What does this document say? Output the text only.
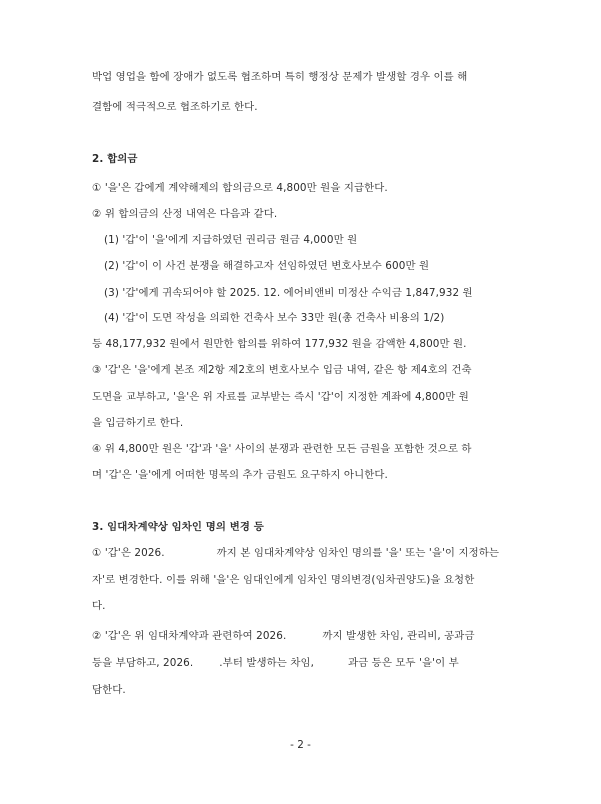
박업 영업을 함에 장애가 없도록 협조하며 특히 행정상 문제가 발생할 경우 이를 해
결함에 적극적으로 협조하기로 한다.
2. 합의금
① '을'은 갑에게 계약해제의 합의금으로 4,800만 원을 지급한다.
② 위 합의금의 산정 내역은 다음과 같다.
(1) '갑'이 '을'에게 지급하였던 권리금 원금 4,000만 원
(2) '갑'이 이 사건 분쟁을 해결하고자 선임하였던 변호사보수 600만 원
(3) '갑'에게 귀속되어야 할 2025. 12. 에어비앤비 미정산 수익금 1,847,932 원
(4) '갑'이 도면 작성을 의뢰한 건축사 보수 33만 원(총 건축사 비용의 1/2)
등 48,177,932 원에서 원만한 합의를 위하여 177,932 원을 감액한 4,800만 원.
③ '갑'은 '을'에게 본조 제2항 제2호의 변호사보수 입금 내역, 같은 항 제4호의 건축
도면을 교부하고, '을'은 위 자료를 교부받는 즉시 '갑'이 지정한 계좌에 4,800만 원
을 입금하기로 한다.
④ 위 4,800만 원은 '갑'과 '을' 사이의 분쟁과 관련한 모든 금원을 포함한 것으로 하
며 '갑'은 '을'에게 어떠한 명목의 추가 금원도 요구하지 아니한다.
3. 임대차계약상 임차인 명의 변경 등
① '갑'은 2026.	까지 본 임대차계약상 임차인 명의를 '을' 또는 '을'이 지정하는
자'로 변경한다. 이를 위해 '을'은 임대인에게 임차인 명의변경(임차권양도)을 요청한
다.
② '갑'은 위 임대차계약과 관련하여 2026.	까지 발생한 차임, 관리비, 공과금
등을 부담하고, 2026.	.부터 발생하는 차임,	과금 등은 모두 '을'이 부
담한다.
- 2 -
